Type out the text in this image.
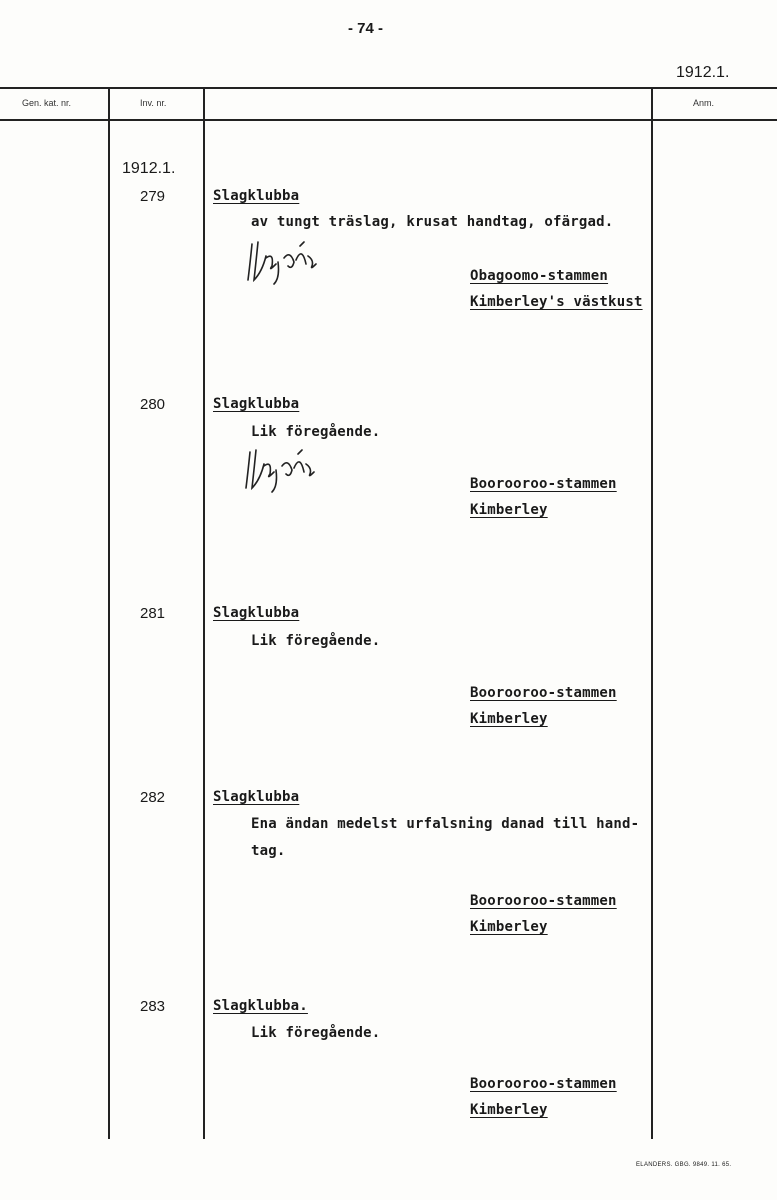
- 74 -
1912.1.
Gen. kat. nr.	Inv. nr.	Anm.
1912.1.
279	Slagklubba
av tungt träslag, krusat handtag, ofärgad.
Obagoomo-stammen
Kimberley's västkust
280	Slagklubba
Lik föregående.
Boorooroo-stammen
Kimberley
281	Slagklubba
Lik föregående.
Boorooroo-stammen
Kimberley
282	Slagklubba
Ena ändan medelst urfalsning danad till hand-
tag.
Boorooroo-stammen
Kimberley
283	Slagklubba.
Lik föregående.
Boorooroo-stammen
Kimberley
ELANDERS. GBG. 9849. 11. 65.
